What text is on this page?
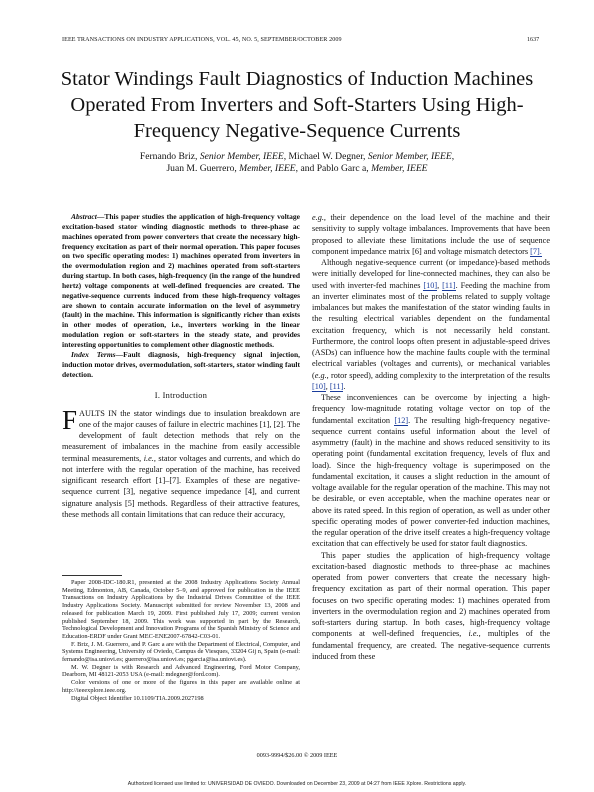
IEEE TRANSACTIONS ON INDUSTRY APPLICATIONS, VOL. 45, NO. 5, SEPTEMBER/OCTOBER 2009	1637
Stator Windings Fault Diagnostics of Induction Machines Operated From Inverters and Soft-Starters Using High-Frequency Negative-Sequence Currents
Fernando Briz, Senior Member, IEEE, Michael W. Degner, Senior Member, IEEE,
Juan M. Guerrero, Member, IEEE, and Pablo Garc a, Member, IEEE

Abstract—This paper studies the application of high-frequency voltage excitation-based stator winding diagnostic methods to three-phase ac machines operated from power converters that create the necessary high-frequency excitation as part of their normal operation. This paper focuses on two specific operating modes: 1) machines operated from inverters in the overmodulation region and 2) machines operated from soft-starters during startup. In both cases, high-frequency (in the range of the hundred hertz) voltage components at well-defined frequencies are created. The negative-sequence currents induced from these high-frequency voltages are shown to contain accurate information on the level of asymmetry (fault) in the machine. This information is significantly richer than exists in other modes of operation, i.e., inverters working in the linear modulation region or soft-starters in the steady state, and provides interesting opportunities to complement other diagnostic methods.

Index Terms—Fault diagnosis, high-frequency signal injection, induction motor drives, overmodulation, soft-starters, stator winding fault detection.

I. Introduction

FAULTS IN the stator windings due to insulation breakdown are one of the major causes of failure in electric machines [1], [2]. The development of fault detection methods that rely on the measurement of imbalances in the machine from easily accessible terminal measurements, i.e., stator voltages and currents, and which do not interfere with the regular operation of the machine, has received significant research effort [1]–[7]. Examples of these are negative-sequence current [3], negative sequence impedance [4], and current signature analysis [5] methods. Regardless of their attractive features, these methods all contain limitations that can reduce their accuracy,

Paper 2008-IDC-180.R1, presented at the 2008 Industry Applications Society Annual Meeting, Edmonton, AB, Canada, October 5–9, and approved for publication in the IEEE Transactions on Industry Applications by the Industrial Drives Committee of the IEEE Industry Applications Society. Manuscript submitted for review November 13, 2008 and released for publication March 19, 2009. First published July 17, 2009; current version published September 18, 2009. This work was supported in part by the Research, Technological Development and Innovation Programs of the Spanish Ministry of Science and Education-ERDF under Grant MEC-ENE2007-67842-C03-01.

F. Briz, J. M. Guerrero, and P. Garc a are with the Department of Electrical, Computer, and Systems Engineering, University of Oviedo, Campus de Viesques, 33204 Gij n, Spain (e-mail: fernando@isa.uniovi.es; guerrero@isa.uniovi.es; pgarcia@isa.uniovi.es).

M. W. Degner is with Research and Advanced Engineering, Ford Motor Company, Dearborn, MI 48121-2053 USA (e-mail: mdegner@ford.com).

Color versions of one or more of the figures in this paper are available online at http://ieeexplore.ieee.org.

Digital Object Identifier 10.1109/TIA.2009.2027198

e.g., their dependence on the load level of the machine and their sensitivity to supply voltage imbalances. Improvements that have been proposed to alleviate these limitations include the use of sequence component impedance matrix [6] and voltage mismatch detectors [7].

Although negative-sequence current (or impedance)-based methods were initially developed for line-connected machines, they can also be used with inverter-fed machines [10], [11]. Feeding the machine from an inverter eliminates most of the problems related to supply voltage imbalances but makes the manifestation of the stator winding faults in the resulting electrical variables dependent on the fundamental excitation frequency, which is not necessarily held constant. Furthermore, the control loops often present in adjustable-speed drives (ASDs) can influence how the machine faults couple with the terminal electrical variables (voltages and currents), or mechanical variables (e.g., rotor speed), adding complexity to the interpretation of the results [10], [11].

These inconveniences can be overcome by injecting a high-frequency low-magnitude rotating voltage vector on top of the fundamental excitation [12]. The resulting high-frequency negative-sequence current contains useful information about the level of asymmetry (fault) in the machine and shows reduced sensitivity to its operating point (fundamental excitation frequency, levels of flux and load). Since the high-frequency voltage is superimposed on the fundamental excitation, it causes a slight reduction in the amount of voltage available for the regular operation of the machine. This may not be desirable, or even acceptable, when the machine operates near or above its rated speed. In this region of operation, as well as under other specific operating modes of power converter-fed induction machines, the regular operation of the drive itself creates a high-frequency voltage excitation that can effectively be used for stator fault diagnostics.

This paper studies the application of high-frequency voltage excitation-based diagnostic methods to three-phase ac machines operated from power converters that create the necessary high-frequency excitation as part of their normal operation. This paper focuses on two specific operating modes: 1) machines operated from inverters in the overmodulation region and 2) machines operated from soft-starters during startup. In both cases, high-frequency voltage components at well-defined frequencies, i.e., multiples of the fundamental frequency, are created. The negative-sequence currents induced from these

0093-9994/$26.00 © 2009 IEEE
Authorized licensed use limited to: UNIVERSIDAD DE OVIEDO. Downloaded on December 23, 2009 at 04:27 from IEEE Xplore. Restrictions apply.
